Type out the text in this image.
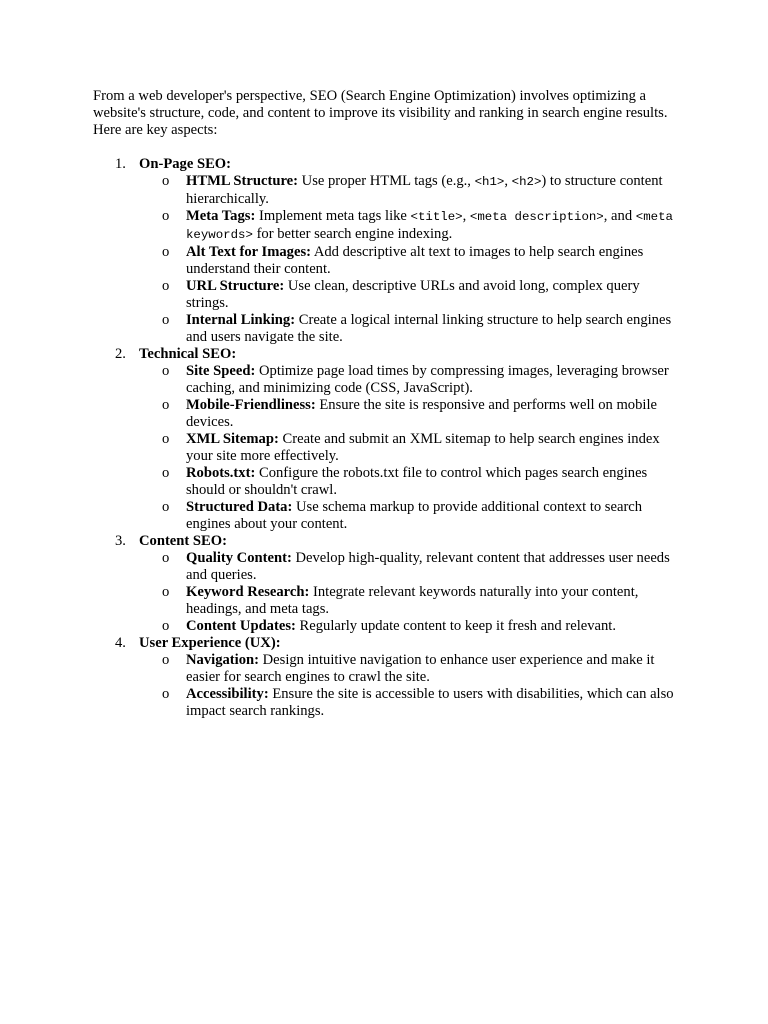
From a web developer's perspective, SEO (Search Engine Optimization) involves optimizing a website's structure, code, and content to improve its visibility and ranking in search engine results. Here are key aspects:

1. On-Page SEO:
o HTML Structure: Use proper HTML tags (e.g., <h1>, <h2>) to structure content hierarchically.
o Meta Tags: Implement meta tags like <title>, <meta description>, and <meta keywords> for better search engine indexing.
o Alt Text for Images: Add descriptive alt text to images to help search engines understand their content.
o URL Structure: Use clean, descriptive URLs and avoid long, complex query strings.
o Internal Linking: Create a logical internal linking structure to help search engines and users navigate the site.
2. Technical SEO:
o Site Speed: Optimize page load times by compressing images, leveraging browser caching, and minimizing code (CSS, JavaScript).
o Mobile-Friendliness: Ensure the site is responsive and performs well on mobile devices.
o XML Sitemap: Create and submit an XML sitemap to help search engines index your site more effectively.
o Robots.txt: Configure the robots.txt file to control which pages search engines should or shouldn't crawl.
o Structured Data: Use schema markup to provide additional context to search engines about your content.
3. Content SEO:
o Quality Content: Develop high-quality, relevant content that addresses user needs and queries.
o Keyword Research: Integrate relevant keywords naturally into your content, headings, and meta tags.
o Content Updates: Regularly update content to keep it fresh and relevant.
4. User Experience (UX):
o Navigation: Design intuitive navigation to enhance user experience and make it easier for search engines to crawl the site.
o Accessibility: Ensure the site is accessible to users with disabilities, which can also impact search rankings.
